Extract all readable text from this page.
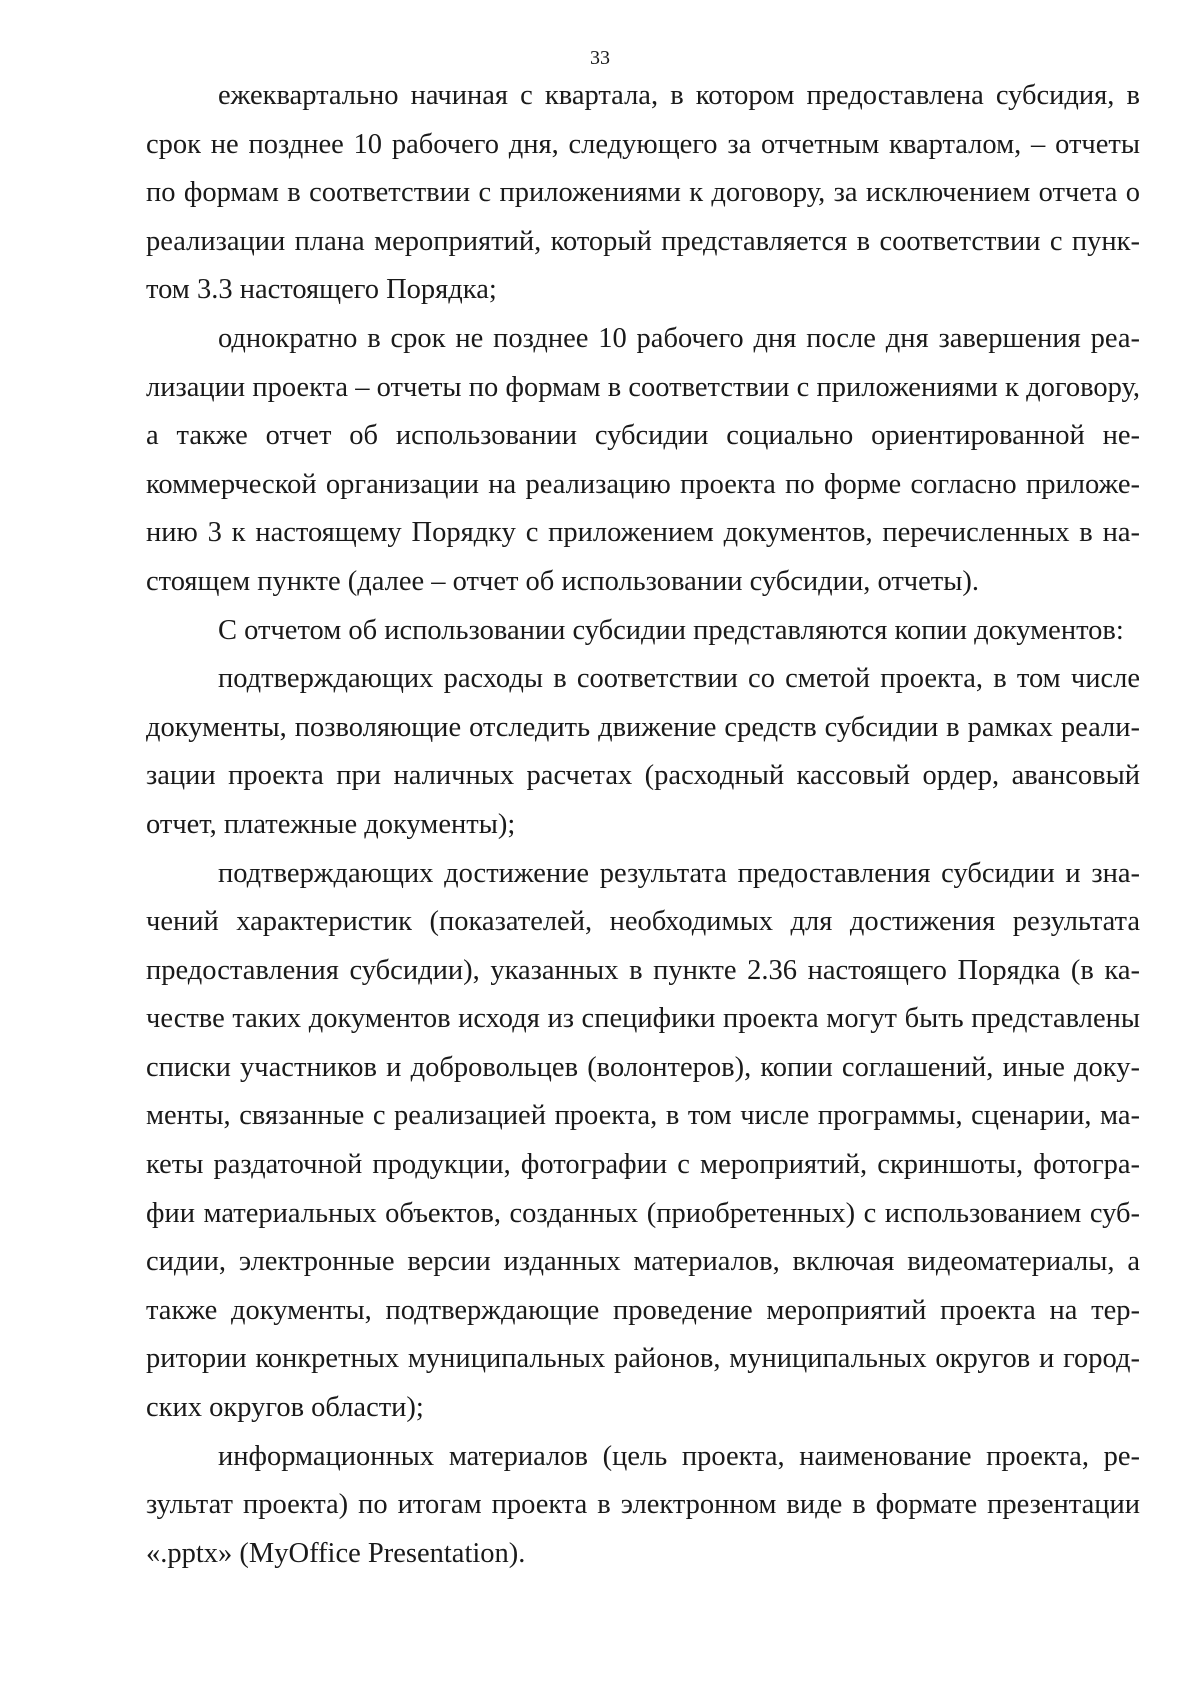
33

ежеквартально начиная с квартала, в котором предоставлена субсидия, в срок не позднее 10 рабочего дня, следующего за отчетным кварталом, – отчеты по формам в соответствии с приложениями к договору, за исключением отчета о реализации плана мероприятий, который представляется в соответствии с пунктом 3.3 настоящего Порядка;

однократно в срок не позднее 10 рабочего дня после дня завершения реализации проекта – отчеты по формам в соответствии с приложениями к договору, а также отчет об использовании субсидии социально ориентированной некоммерческой организации на реализацию проекта по форме согласно приложению 3 к настоящему Порядку с приложением документов, перечисленных в настоящем пункте (далее – отчет об использовании субсидии, отчеты).

С отчетом об использовании субсидии представляются копии документов:

подтверждающих расходы в соответствии со сметой проекта, в том числе документы, позволяющие отследить движение средств субсидии в рамках реализации проекта при наличных расчетах (расходный кассовый ордер, авансовый отчет, платежные документы);

подтверждающих достижение результата предоставления субсидии и значений характеристик (показателей, необходимых для достижения результата предоставления субсидии), указанных в пункте 2.36 настоящего Порядка (в качестве таких документов исходя из специфики проекта могут быть представлены списки участников и добровольцев (волонтеров), копии соглашений, иные документы, связанные с реализацией проекта, в том числе программы, сценарии, макеты раздаточной продукции, фотографии с мероприятий, скриншоты, фотографии материальных объектов, созданных (приобретенных) с использованием субсидии, электронные версии изданных материалов, включая видеоматериалы, а также документы, подтверждающие проведение мероприятий проекта на территории конкретных муниципальных районов, муниципальных округов и городских округов области);

информационных материалов (цель проекта, наименование проекта, результат проекта) по итогам проекта в электронном виде в формате презентации «.pptx» (MyOffice Presentation).
